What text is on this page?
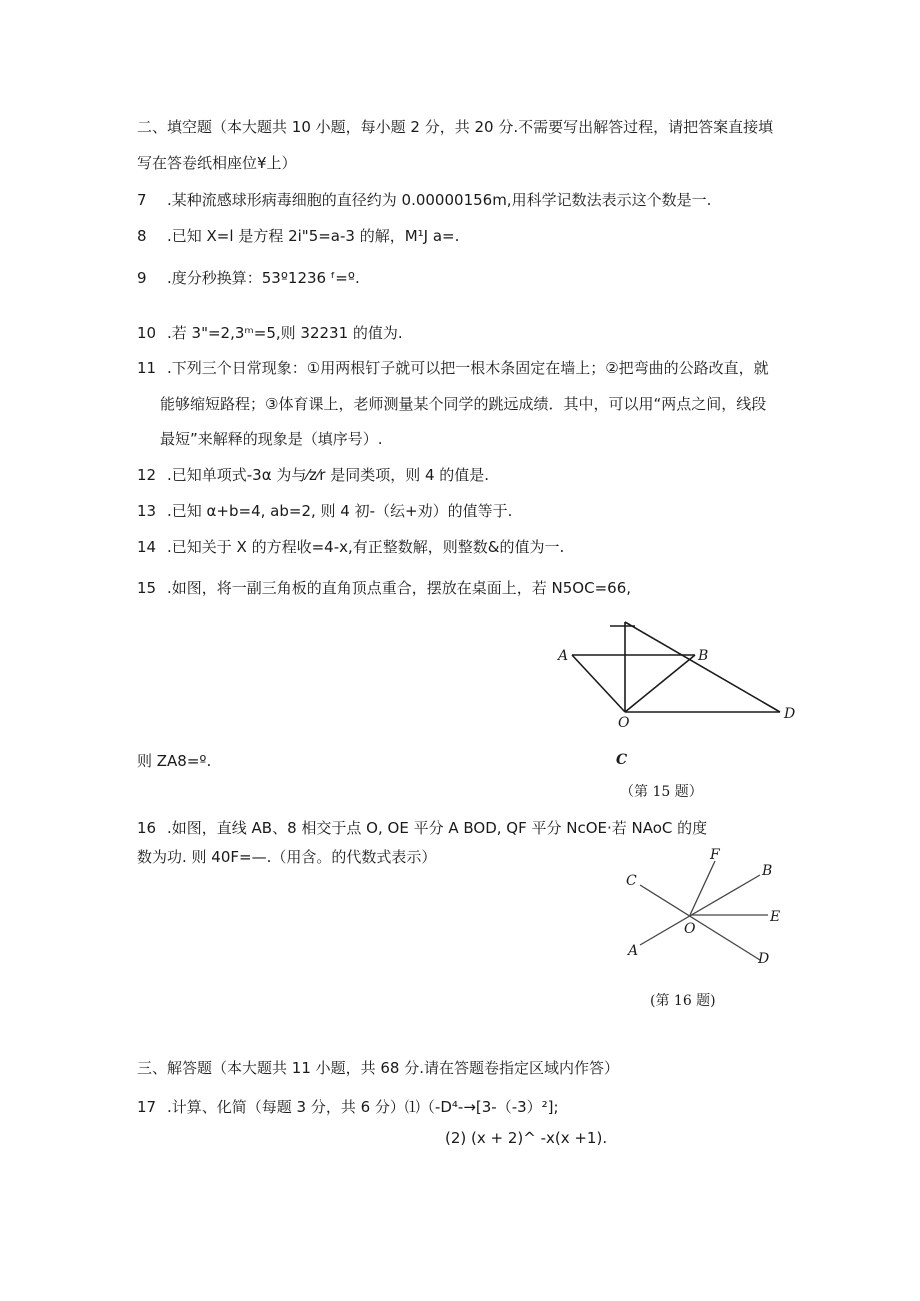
二、填空题（本大题共 10 小题，每小题 2 分，共 20 分.不需要写出解答过程，请把答案直接填
写在答卷纸相座位¥上）
7 .某种流感球形病毒细胞的直径约为 0.00000156m,用科学记数法表示这个数是一.
8 .已知 X=l 是方程 2i"5=a-3 的解，M¹J a=.
9 .度分秒换算：53º1236 ᶠ=º.
10 .若 3"=2,3ᵐ=5,则 32231 的值为.
11 .下列三个日常现象：①用两根钉子就可以把一根木条固定在墙上；②把弯曲的公路改直，就
能够缩短路程；③体育课上，老师测量某个同学的跳远成绩．其中，可以用“两点之间，线段
最短”来解释的现象是（填序号）.
12 .已知单项式-3α 为与⁄z⁄r 是同类项，则 4 的值是.
13 .已知 α+b=4, ab=2, 则 4 初-（纭+劝）的值等于.
14 .已知关于 X 的方程收=4-x,有正整数解，则整数&的值为一.
15 .如图，将一副三角板的直角顶点重合，摆放在桌面上，若 N5OC=66,
A	B
O
D
则 ZA8=º.	C
（第 15 题）
16 .如图，直线 AB、8 相交于点 O, OE 平分 A BOD, QF 平分 NcOE·若 NAoC 的度
数为功. 则 40F=—.（用含。的代数式表示）
C
F
B
E
O
A	D
(第 16 题)
三、解答题（本大题共 11 小题，共 68 分.请在答题卷指定区域内作答）
17 .计算、化简（每题 3 分，共 6 分）⑴（-D⁴-→[3-（-3）²];
(2) (x + 2)^ -x(x +1).
